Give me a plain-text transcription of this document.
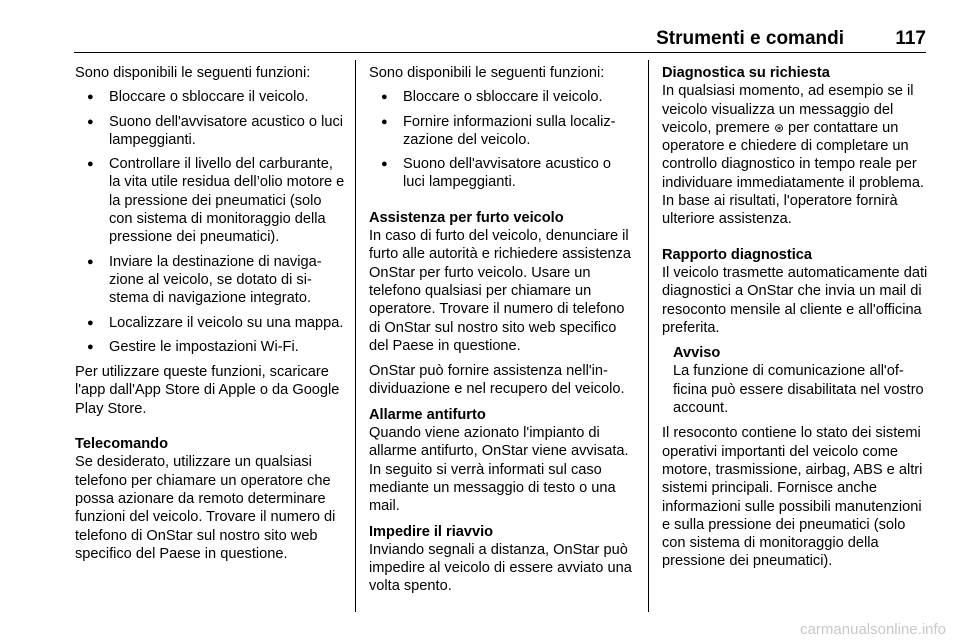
Strumenti e comandi	117

Sono disponibili le seguenti funzioni:

● Bloccare o sbloccare il veicolo.
● Suono dell'avvisatore acustico o luci lampeggianti.
● Controllare il livello del carburante, la vita utile residua dell’olio motore e la pressione dei pneumatici (solo con sistema di monitoraggio della pressione dei pneumatici).
● Inviare la destinazione di navigazione al veicolo, se dotato di sistema di navigazione integrato.
● Localizzare il veicolo su una mappa.
● Gestire le impostazioni Wi-Fi.

Per utilizzare queste funzioni, scaricare l'app dall'App Store di Apple o da Google Play Store.

Telecomando

Se desiderato, utilizzare un qualsiasi telefono per chiamare un operatore che possa azionare da remoto determinare funzioni del veicolo. Trovare il numero di telefono di OnStar sul nostro sito web specifico del Paese in questione.

Sono disponibili le seguenti funzioni:

● Bloccare o sbloccare il veicolo.
● Fornire informazioni sulla localizzazione del veicolo.
● Suono dell'avvisatore acustico o luci lampeggianti.

Assistenza per furto veicolo

In caso di furto del veicolo, denunciare il furto alle autorità e richiedere assistenza OnStar per furto veicolo. Usare un telefono qualsiasi per chiamare un operatore. Trovare il numero di telefono di OnStar sul nostro sito web specifico del Paese in questione.

OnStar può fornire assistenza nell'individuazione e nel recupero del veicolo.

Allarme antifurto

Quando viene azionato l'impianto di allarme antifurto, OnStar viene avvisata. In seguito si verrà informati sul caso mediante un messaggio di testo o una mail.

Impedire il riavvio

Inviando segnali a distanza, OnStar può impedire al veicolo di essere avviato una volta spento.

Diagnostica su richiesta

In qualsiasi momento, ad esempio se il veicolo visualizza un messaggio del veicolo, premere ⊛ per contattare un operatore e chiedere di completare un controllo diagnostico in tempo reale per individuare immediatamente il problema. In base ai risultati, l'operatore fornirà ulteriore assistenza.

Rapporto diagnostica

Il veicolo trasmette automaticamente dati diagnostici a OnStar che invia un mail di resoconto mensile al cliente e all'officina preferita.

Avviso

La funzione di comunicazione all'officina può essere disabilitata nel vostro account.

Il resoconto contiene lo stato dei sistemi operativi importanti del veicolo come motore, trasmissione, airbag, ABS e altri sistemi principali. Fornisce anche informazioni sulle possibili manutenzioni e sulla pressione dei pneumatici (solo con sistema di monitoraggio della pressione dei pneumatici).

carmanualsonline.info
